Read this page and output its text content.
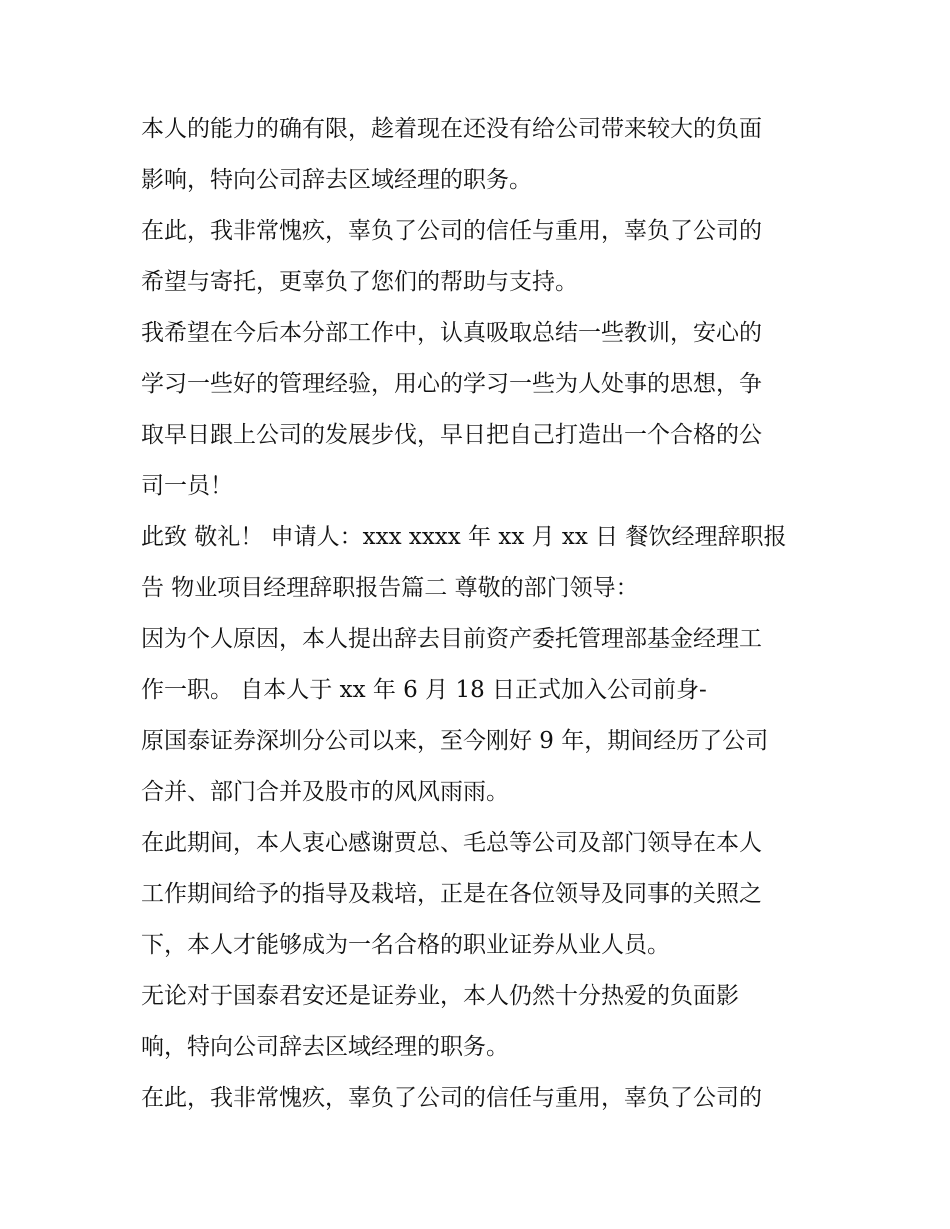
本人的能力的确有限，趁着现在还没有给公司带来较大的负面
影响，特向公司辞去区域经理的职务。
在此，我非常愧疚，辜负了公司的信任与重用，辜负了公司的
希望与寄托，更辜负了您们的帮助与支持。
我希望在今后本分部工作中，认真吸取总结一些教训，安心的
学习一些好的管理经验，用心的学习一些为人处事的思想，争
取早日跟上公司的发展步伐，早日把自己打造出一个合格的公
司一员！
此致 敬礼！ 申请人：xxx xxxx 年 xx 月 xx 日 餐饮经理辞职报
告 物业项目经理辞职报告篇二 尊敬的部门领导：
因为个人原因，本人提出辞去目前资产委托管理部基金经理工
作一职。 自本人于 xx 年 6 月 18 日正式加入公司前身-
原国泰证券深圳分公司以来，至今刚好 9 年，期间经历了公司
合并、部门合并及股市的风风雨雨。
在此期间，本人衷心感谢贾总、毛总等公司及部门领导在本人
工作期间给予的指导及栽培，正是在各位领导及同事的关照之
下，本人才能够成为一名合格的职业证券从业人员。
无论对于国泰君安还是证券业，本人仍然十分热爱的负面影
响，特向公司辞去区域经理的职务。
在此，我非常愧疚，辜负了公司的信任与重用，辜负了公司的
